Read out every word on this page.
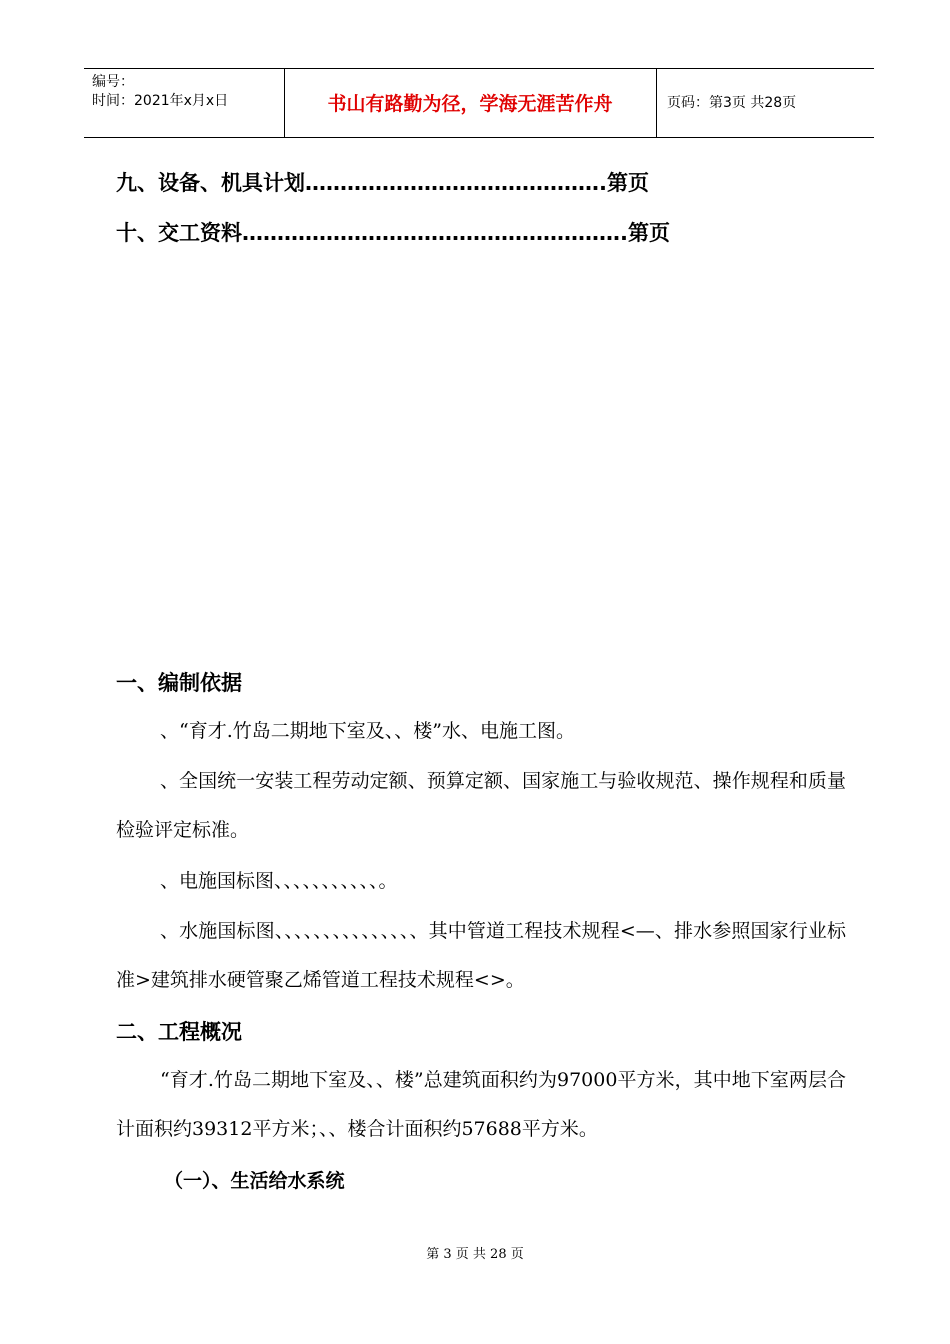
编号：
时间：2021年x月x日	书山有路勤为径，学海无涯苦作舟	页码：第3页 共28页
九、设备、机具计划…………………………………….第页
十、交工资料……………………………………………….第页
一、编制依据
、“育才.竹岛二期地下室及、、楼”水、电施工图。
、全国统一安装工程劳动定额、预算定额、国家施工与验收规范、操作规程和质量检验评定标准。
、电施国标图、、、、、、、、、、、。
、水施国标图、、、、、、、、、、、、、、、其中管道工程技术规程<—、排水参照国家行业标准>建筑排水硬管聚乙烯管道工程技术规程<>。
二、工程概况
“育才.竹岛二期地下室及、、楼”总建筑面积约为97000平方米，其中地下室两层合计面积约39312平方米；、、楼合计面积约57688平方米。
（一）、生活给水系统
第 3 页 共 28 页
